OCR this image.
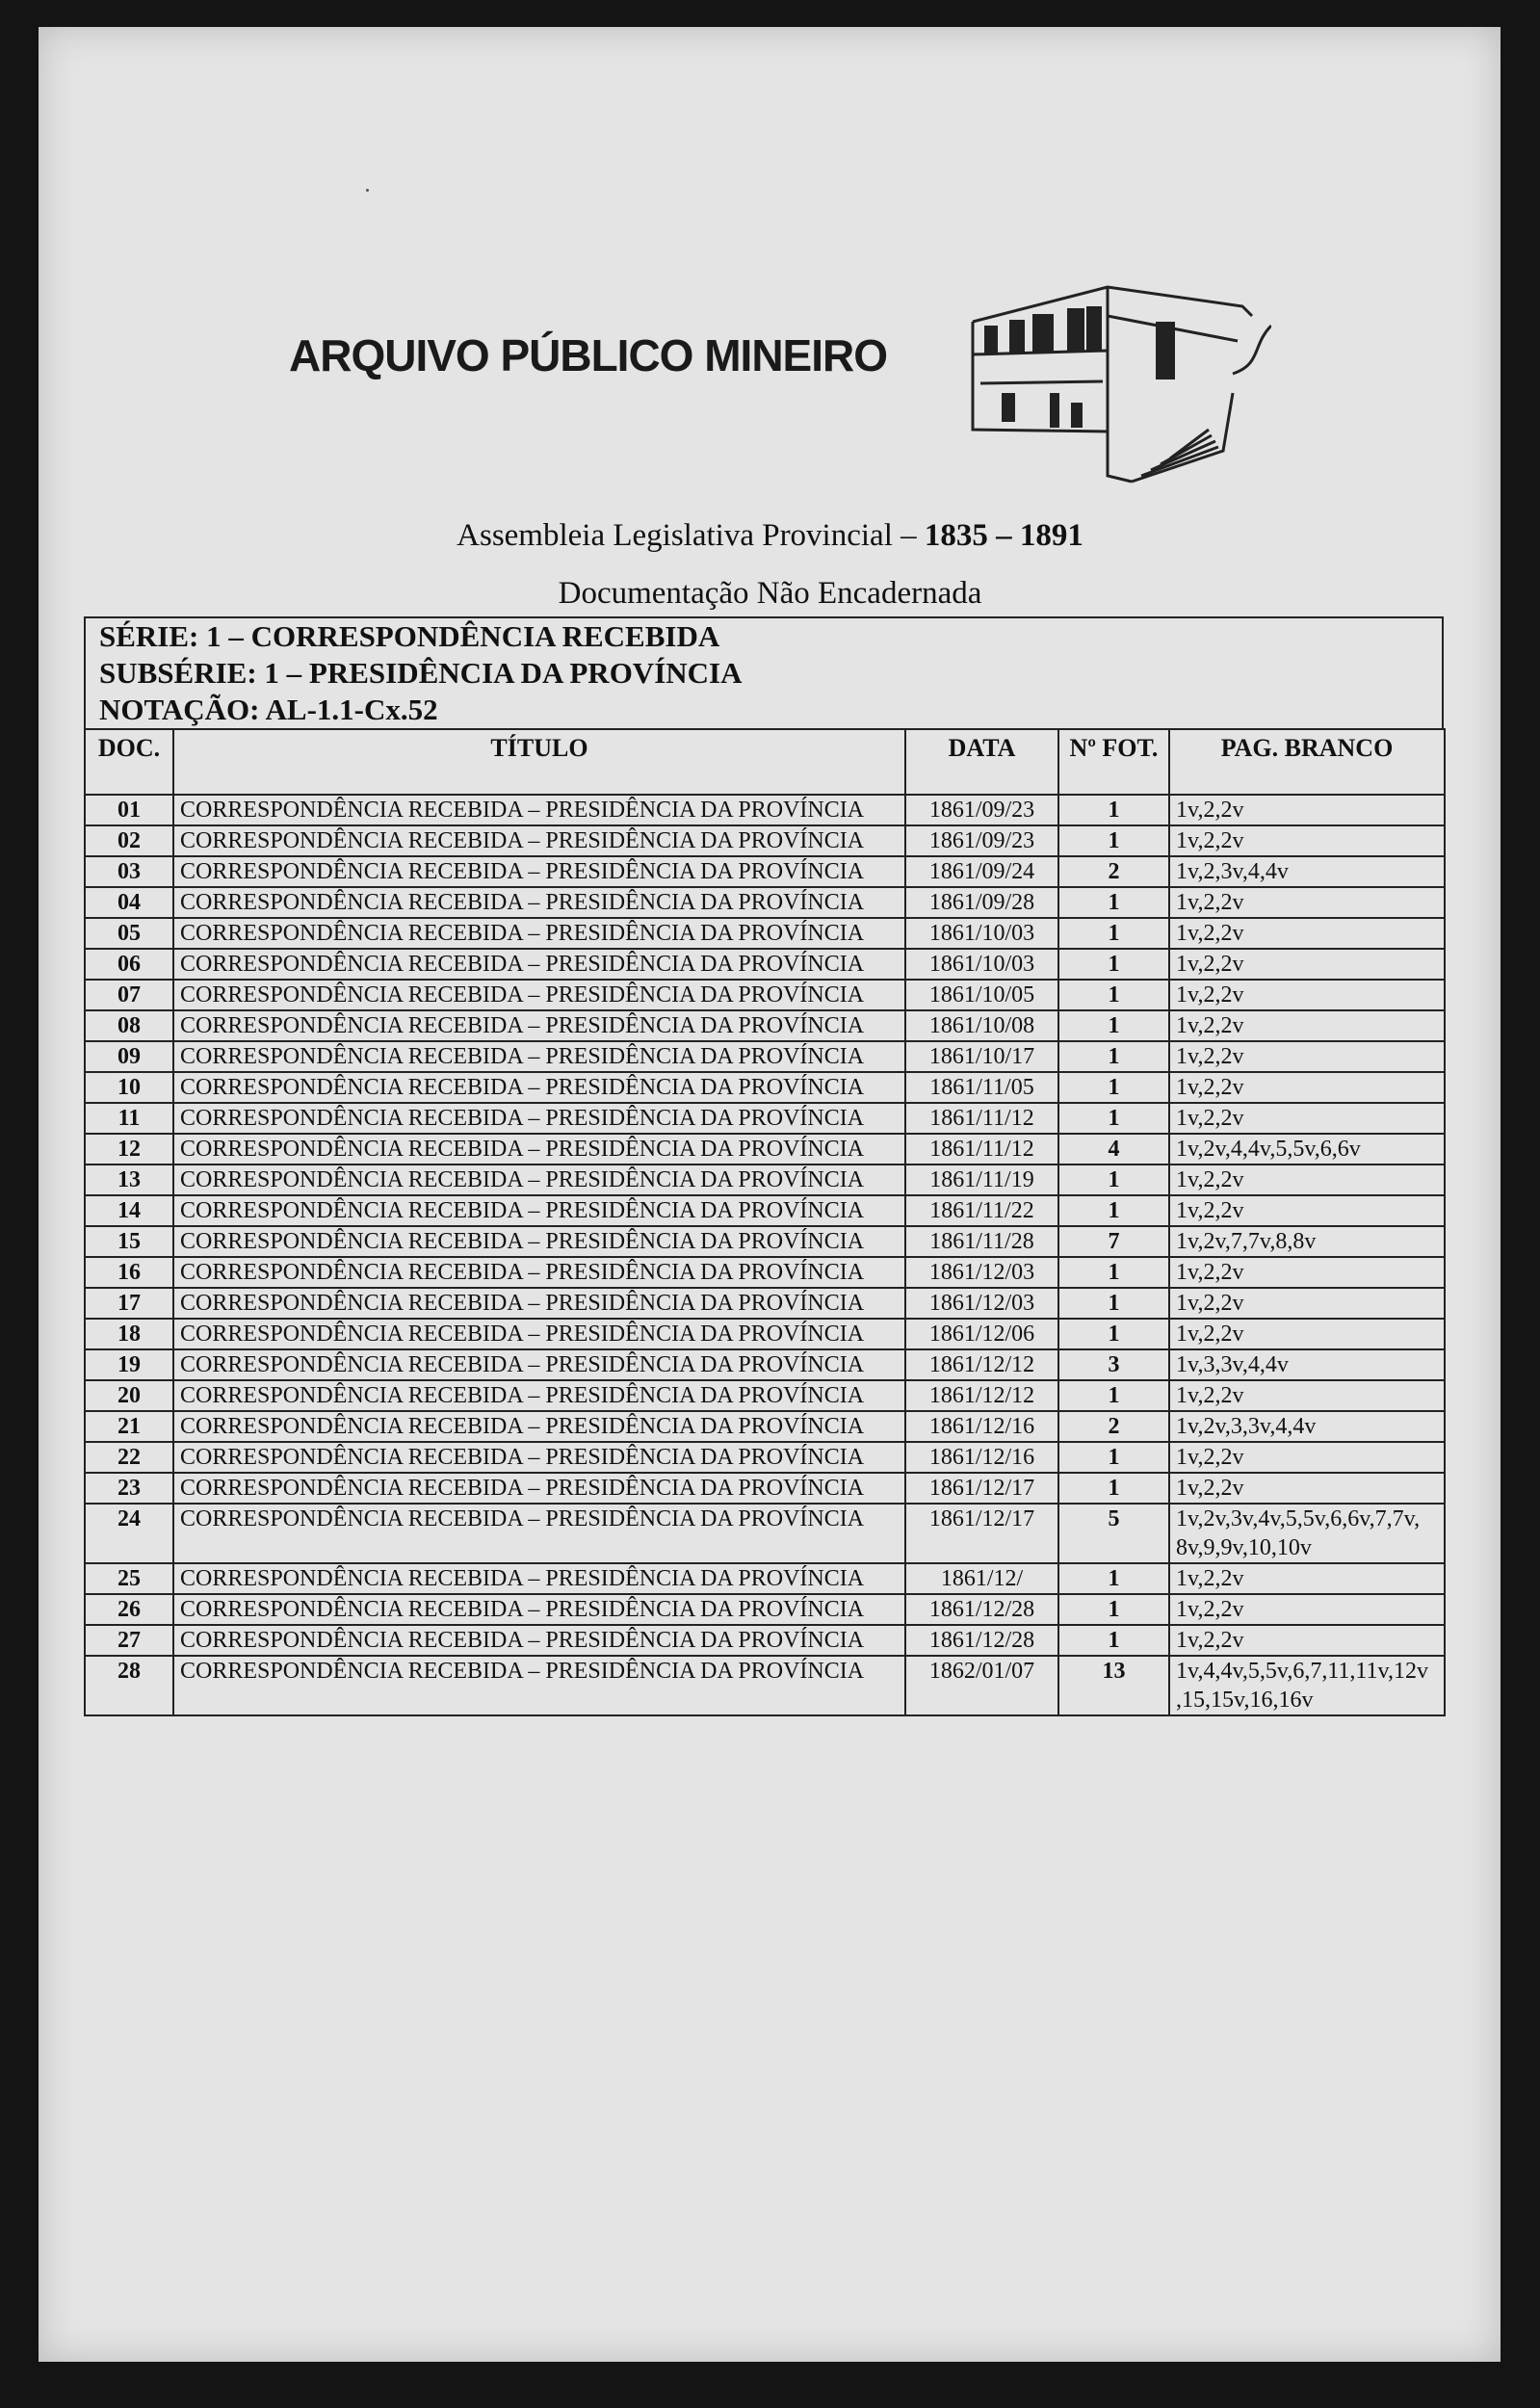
ARQUIVO PÚBLICO MINEIRO
Assembleia Legislativa Provincial – 1835 – 1891
Documentação Não Encadernada
SÉRIE: 1 – CORRESPONDÊNCIA RECEBIDA
SUBSÉRIE: 1 – PRESIDÊNCIA DA PROVÍNCIA
NOTAÇÃO: AL-1.1-Cx.52
DOC.	TÍTULO	DATA	Nº FOT.	PAG. BRANCO
01	CORRESPONDÊNCIA RECEBIDA – PRESIDÊNCIA DA PROVÍNCIA	1861/09/23	1	1v,2,2v
02	CORRESPONDÊNCIA RECEBIDA – PRESIDÊNCIA DA PROVÍNCIA	1861/09/23	1	1v,2,2v
03	CORRESPONDÊNCIA RECEBIDA – PRESIDÊNCIA DA PROVÍNCIA	1861/09/24	2	1v,2,3v,4,4v
04	CORRESPONDÊNCIA RECEBIDA – PRESIDÊNCIA DA PROVÍNCIA	1861/09/28	1	1v,2,2v
05	CORRESPONDÊNCIA RECEBIDA – PRESIDÊNCIA DA PROVÍNCIA	1861/10/03	1	1v,2,2v
06	CORRESPONDÊNCIA RECEBIDA – PRESIDÊNCIA DA PROVÍNCIA	1861/10/03	1	1v,2,2v
07	CORRESPONDÊNCIA RECEBIDA – PRESIDÊNCIA DA PROVÍNCIA	1861/10/05	1	1v,2,2v
08	CORRESPONDÊNCIA RECEBIDA – PRESIDÊNCIA DA PROVÍNCIA	1861/10/08	1	1v,2,2v
09	CORRESPONDÊNCIA RECEBIDA – PRESIDÊNCIA DA PROVÍNCIA	1861/10/17	1	1v,2,2v
10	CORRESPONDÊNCIA RECEBIDA – PRESIDÊNCIA DA PROVÍNCIA	1861/11/05	1	1v,2,2v
11	CORRESPONDÊNCIA RECEBIDA – PRESIDÊNCIA DA PROVÍNCIA	1861/11/12	1	1v,2,2v
12	CORRESPONDÊNCIA RECEBIDA – PRESIDÊNCIA DA PROVÍNCIA	1861/11/12	4	1v,2v,4,4v,5,5v,6,6v
13	CORRESPONDÊNCIA RECEBIDA – PRESIDÊNCIA DA PROVÍNCIA	1861/11/19	1	1v,2,2v
14	CORRESPONDÊNCIA RECEBIDA – PRESIDÊNCIA DA PROVÍNCIA	1861/11/22	1	1v,2,2v
15	CORRESPONDÊNCIA RECEBIDA – PRESIDÊNCIA DA PROVÍNCIA	1861/11/28	7	1v,2v,7,7v,8,8v
16	CORRESPONDÊNCIA RECEBIDA – PRESIDÊNCIA DA PROVÍNCIA	1861/12/03	1	1v,2,2v
17	CORRESPONDÊNCIA RECEBIDA – PRESIDÊNCIA DA PROVÍNCIA	1861/12/03	1	1v,2,2v
18	CORRESPONDÊNCIA RECEBIDA – PRESIDÊNCIA DA PROVÍNCIA	1861/12/06	1	1v,2,2v
19	CORRESPONDÊNCIA RECEBIDA – PRESIDÊNCIA DA PROVÍNCIA	1861/12/12	3	1v,3,3v,4,4v
20	CORRESPONDÊNCIA RECEBIDA – PRESIDÊNCIA DA PROVÍNCIA	1861/12/12	1	1v,2,2v
21	CORRESPONDÊNCIA RECEBIDA – PRESIDÊNCIA DA PROVÍNCIA	1861/12/16	2	1v,2v,3,3v,4,4v
22	CORRESPONDÊNCIA RECEBIDA – PRESIDÊNCIA DA PROVÍNCIA	1861/12/16	1	1v,2,2v
23	CORRESPONDÊNCIA RECEBIDA – PRESIDÊNCIA DA PROVÍNCIA	1861/12/17	1	1v,2,2v
24	CORRESPONDÊNCIA RECEBIDA – PRESIDÊNCIA DA PROVÍNCIA	1861/12/17	5	1v,2v,3v,4v,5,5v,6,6v,7,7v,
8v,9,9v,10,10v
25	CORRESPONDÊNCIA RECEBIDA – PRESIDÊNCIA DA PROVÍNCIA	1861/12/	1	1v,2,2v
26	CORRESPONDÊNCIA RECEBIDA – PRESIDÊNCIA DA PROVÍNCIA	1861/12/28	1	1v,2,2v
27	CORRESPONDÊNCIA RECEBIDA – PRESIDÊNCIA DA PROVÍNCIA	1861/12/28	1	1v,2,2v
28	CORRESPONDÊNCIA RECEBIDA – PRESIDÊNCIA DA PROVÍNCIA	1862/01/07	13	1v,4,4v,5,5v,6,7,11,11v,12v
,15,15v,16,16v
